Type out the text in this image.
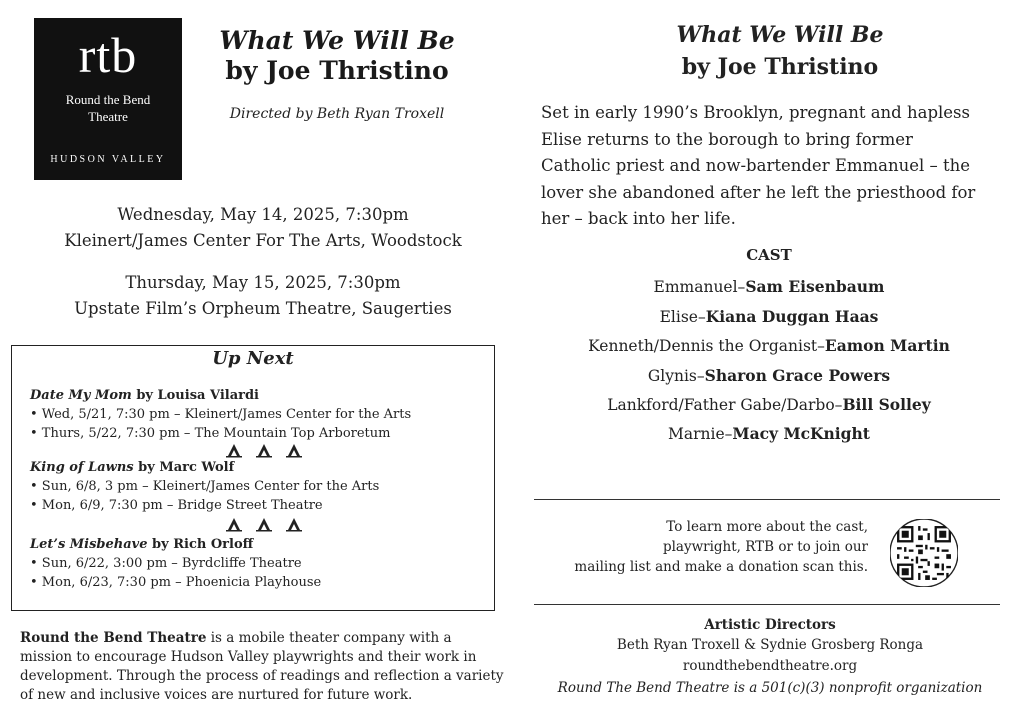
rtb
Round the Bend
Theatre
HUDSON VALLEY
What We Will Be
by Joe Thristino
Directed by Beth Ryan Troxell
Wednesday, May 14, 2025, 7:30pm
Kleinert/James Center For The Arts, Woodstock
Thursday, May 15, 2025, 7:30pm
Upstate Film’s Orpheum Theatre, Saugerties
Up Next
Date My Mom by Louisa Vilardi
• Wed, 5/21, 7:30 pm – Kleinert/James Center for the Arts
• Thurs, 5/22, 7:30 pm – The Mountain Top Arboretum
King of Lawns by Marc Wolf
• Sun, 6/8, 3 pm – Kleinert/James Center for the Arts
• Mon, 6/9, 7:30 pm – Bridge Street Theatre
Let’s Misbehave by Rich Orloff
• Sun, 6/22, 3:00 pm – Byrdcliffe Theatre
• Mon, 6/23, 7:30 pm – Phoenicia Playhouse
Round the Bend Theatre is a mobile theater company with a mission to encourage Hudson Valley playwrights and their work in development. Through the process of readings and reflection a variety of new and inclusive voices are nurtured for future work.
What We Will Be
by Joe Thristino
Set in early 1990’s Brooklyn, pregnant and hapless Elise returns to the borough to bring former Catholic priest and now-bartender Emmanuel – the lover she abandoned after he left the priesthood for her – back into her life.
CAST
Emmanuel–Sam Eisenbaum
Elise–Kiana Duggan Haas
Kenneth/Dennis the Organist–Eamon Martin
Glynis–Sharon Grace Powers
Lankford/Father Gabe/Darbo–Bill Solley
Marnie–Macy McKnight
To learn more about the cast,
playwright, RTB or to join our
mailing list and make a donation scan this.
Artistic Directors
Beth Ryan Troxell & Sydnie Grosberg Ronga
roundthebendtheatre.org
Round The Bend Theatre is a 501(c)(3) nonprofit organization
